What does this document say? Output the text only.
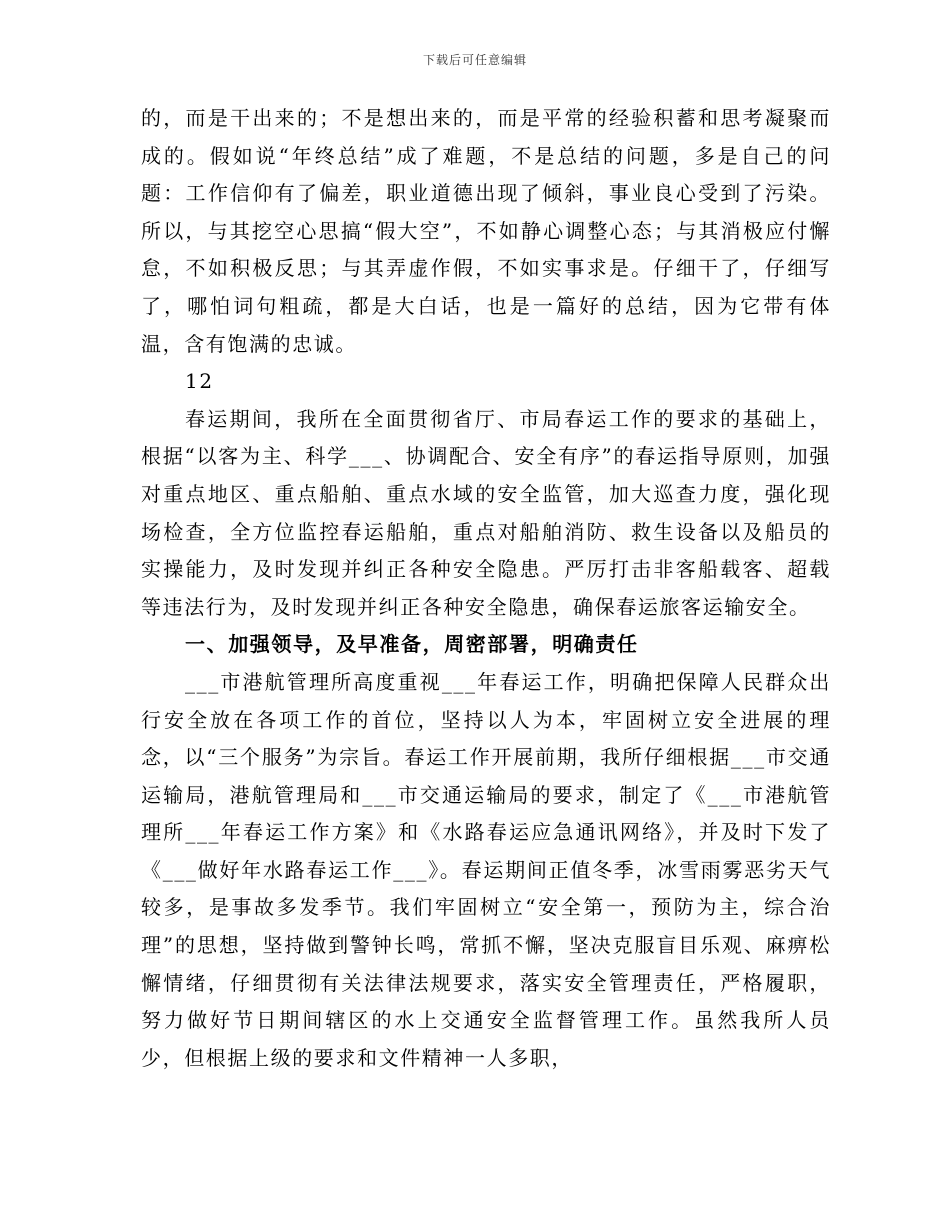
下载后可任意编辑

的，而是干出来的；不是想出来的，而是平常的经验积蓄和思考凝聚而成的。假如说“年终总结”成了难题，不是总结的问题，多是自己的问题：工作信仰有了偏差，职业道德出现了倾斜，事业良心受到了污染。所以，与其挖空心思搞“假大空”，不如静心调整心态；与其消极应付懈怠，不如积极反思；与其弄虚作假，不如实事求是。仔细干了，仔细写了，哪怕词句粗疏，都是大白话，也是一篇好的总结，因为它带有体温，含有饱满的忠诚。

12

春运期间，我所在全面贯彻省厅、市局春运工作的要求的基础上，根据“以客为主、科学___、协调配合、安全有序”的春运指导原则，加强对重点地区、重点船舶、重点水域的安全监管，加大巡查力度，强化现场检查，全方位监控春运船舶，重点对船舶消防、救生设备以及船员的实操能力，及时发现并纠正各种安全隐患。严厉打击非客船载客、超载等违法行为，及时发现并纠正各种安全隐患，确保春运旅客运输安全。

一、加强领导，及早准备，周密部署，明确责任

___市港航管理所高度重视___年春运工作，明确把保障人民群众出行安全放在各项工作的首位，坚持以人为本，牢固树立安全进展的理念，以“三个服务”为宗旨。春运工作开展前期，我所仔细根据___市交通运输局，港航管理局和___市交通运输局的要求，制定了《___市港航管理所___年春运工作方案》和《水路春运应急通讯网络》，并及时下发了《___做好年水路春运工作___》。春运期间正值冬季，冰雪雨雾恶劣天气较多，是事故多发季节。我们牢固树立“安全第一，预防为主，综合治理”的思想，坚持做到警钟长鸣，常抓不懈，坚决克服盲目乐观、麻痹松懈情绪，仔细贯彻有关法律法规要求，落实安全管理责任，严格履职，努力做好节日期间辖区的水上交通安全监督管理工作。虽然我所人员少，但根据上级的要求和文件精神一人多职，
